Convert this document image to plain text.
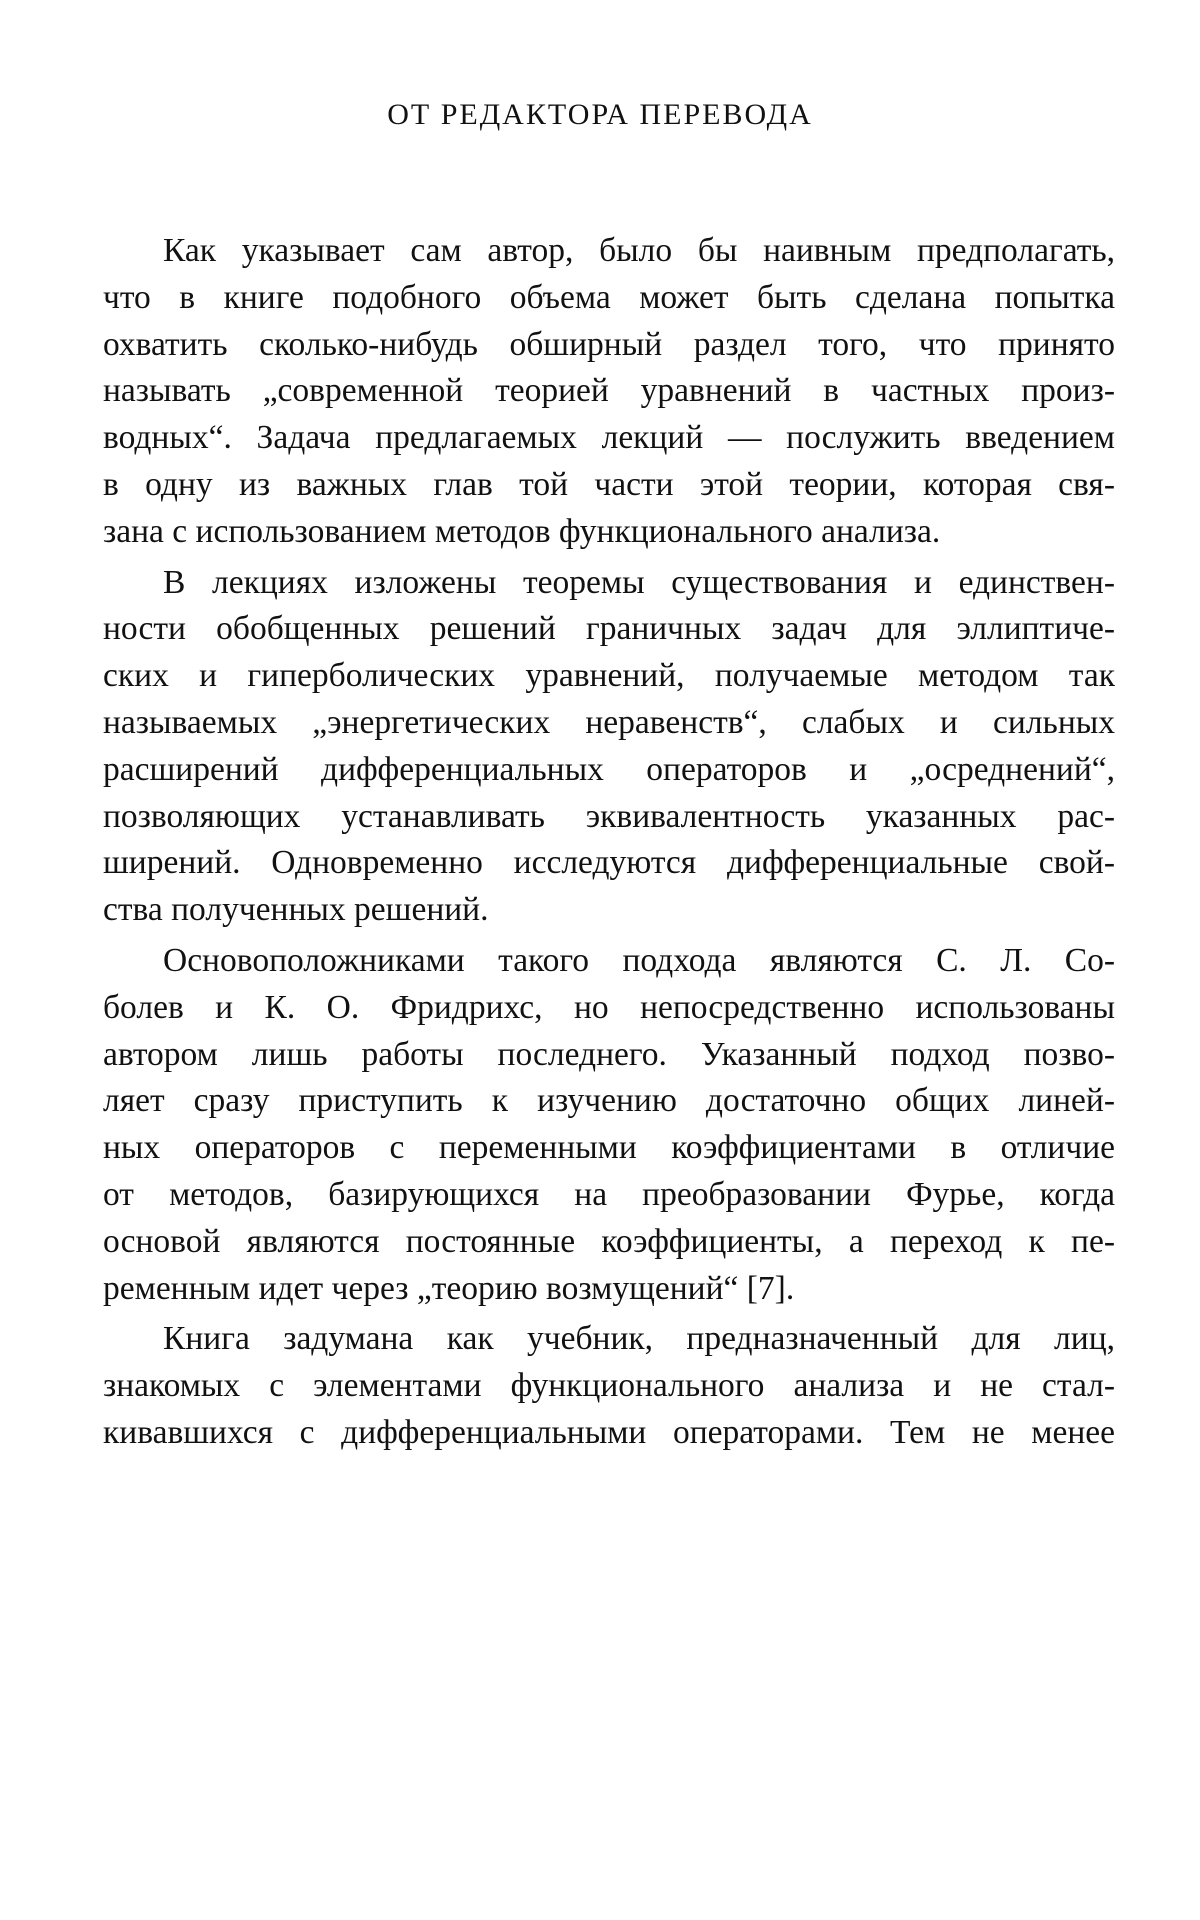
ОТ РЕДАКТОРА ПЕРЕВОДА
Как указывает сам автор, было бы наивным предполагать,
что в книге подобного объема может быть сделана попытка
охватить сколько-нибудь обширный раздел того, что принято
называть „современной теорией уравнений в частных произ-
водных“. Задача предлагаемых лекций — послужить введением
в одну из важных глав той части этой теории, которая свя-
зана с использованием методов функционального анализа.
В лекциях изложены теоремы существования и единствен-
ности обобщенных решений граничных задач для эллиптиче-
ских и гиперболических уравнений, получаемые методом так
называемых „энергетических неравенств“, слабых и сильных
расширений дифференциальных операторов и „осреднений“,
позволяющих устанавливать эквивалентность указанных рас-
ширений. Одновременно исследуются дифференциальные свой-
ства полученных решений.
Основоположниками такого подхода являются С. Л. Со-
болев и К. О. Фридрихс, но непосредственно использованы
автором лишь работы последнего. Указанный подход позво-
ляет сразу приступить к изучению достаточно общих линей-
ных операторов с переменными коэффициентами в отличие
от методов, базирующихся на преобразовании Фурье, когда
основой являются постоянные коэффициенты, а переход к пе-
ременным идет через „теорию возмущений“ [7].
Книга задумана как учебник, предназначенный для лиц,
знакомых с элементами функционального анализа и не стал-
кивавшихся с дифференциальными операторами. Тем не менее
